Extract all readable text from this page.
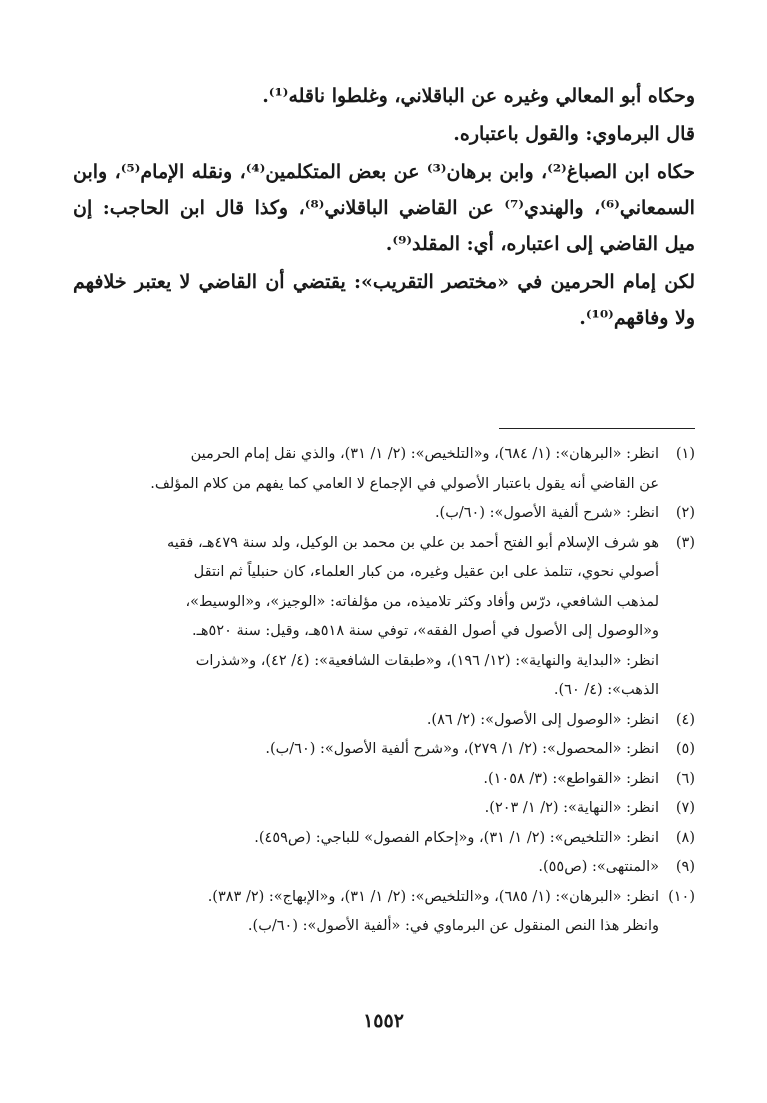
وحكاه أبو المعالي وغيره عن الباقلاني، وغلطوا ناقله⁽¹⁾.

قال البرماوي: والقول باعتباره.

حكاه ابن الصباغ⁽²⁾، وابن برهان⁽³⁾ عن بعض المتكلمين⁽⁴⁾، ونقله الإمام⁽⁵⁾، وابن السمعاني⁽⁶⁾، والهندي⁽⁷⁾ عن القاضي الباقلاني⁽⁸⁾، وكذا قال ابن الحاجب: إن ميل القاضي إلى اعتباره، أي: المقلد⁽⁹⁾.

لكن إمام الحرمين في «مختصر التقريب»: يقتضي أن القاضي لا يعتبر خلافهم ولا وفاقهم⁽¹⁰⁾.

(١)
انظر: «البرهان»: (١/ ٦٨٤)، و«التلخيص»: (٢/ ١/ ٣١)، والذي نقل إمام الحرمين
عن القاضي أنه يقول باعتبار الأصولي في الإجماع لا العامي كما يفهم من كلام المؤلف.
(٢)
انظر: «شرح ألفية الأصول»: (٦٠/ب).
(٣)
هو شرف الإسلام أبو الفتح أحمد بن علي بن محمد بن الوكيل، ولد سنة ٤٧٩هـ، فقيه
أصولي نحوي، تتلمذ على ابن عقيل وغيره، من كبار العلماء، كان حنبلياً ثم انتقل
لمذهب الشافعي، درّس وأفاد وكثر تلاميذه، من مؤلفاته: «الوجيز»، و«الوسيط»،
و«الوصول إلى الأصول في أصول الفقه»، توفي سنة ٥١٨هـ، وقيل: سنة ٥٢٠هـ.
انظر: «البداية والنهاية»: (١٢/ ١٩٦)، و«طبقات الشافعية»: (٤/ ٤٢)، و«شذرات
الذهب»: (٤/ ٦٠).
(٤)
انظر: «الوصول إلى الأصول»: (٢/ ٨٦).
(٥)
انظر: «المحصول»: (٢/ ١/ ٢٧٩)، و«شرح ألفية الأصول»: (٦٠/ب).
(٦)
انظر: «القواطع»: (٣/ ١٠٥٨).
(٧)
انظر: «النهاية»: (٢/ ١/ ٢٠٣).
(٨)
انظر: «التلخيص»: (٢/ ١/ ٣١)، و«إحكام الفصول» للباجي: (ص٤٥٩).
(٩)
«المنتهى»: (ص٥٥).
(١٠)
انظر: «البرهان»: (١/ ٦٨٥)، و«التلخيص»: (٢/ ١/ ٣١)، و«الإبهاج»: (٢/ ٣٨٣).
وانظر هذا النص المنقول عن البرماوي في: «ألفية الأصول»: (٦٠/ب).
١٥٥٢
